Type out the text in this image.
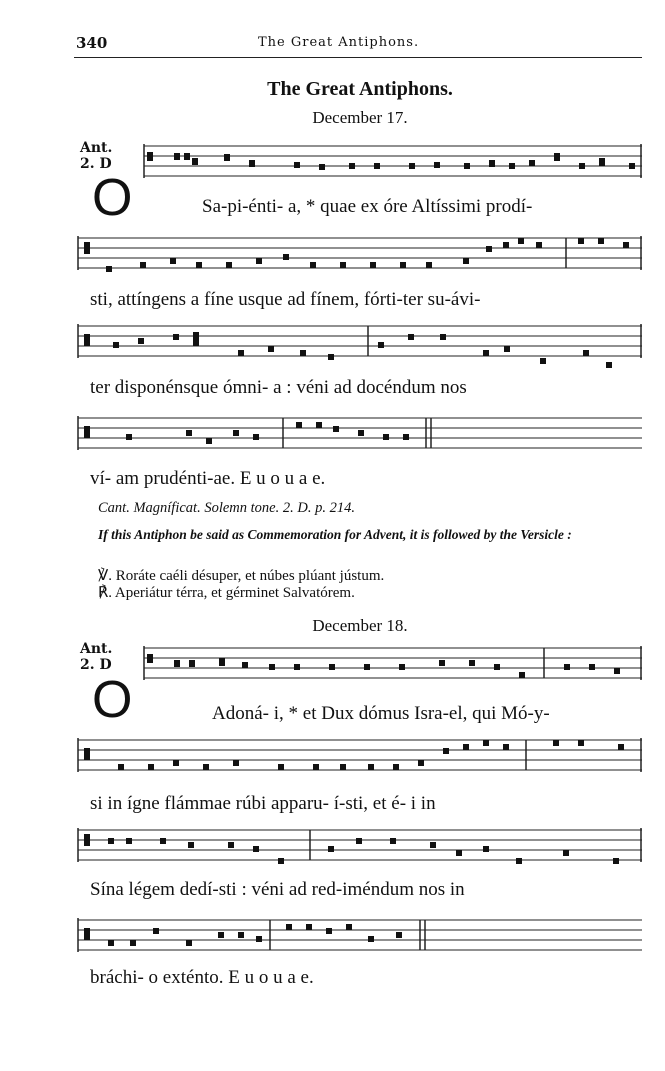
340	The Great Antiphons.
The Great Antiphons.
December 17.
Ant.
2. D
O	Sa-pi-énti- a, * quae ex óre Altíssimi prodí-
sti, attíngens a fíne usque ad fínem, fórti-ter su-ávi-
ter disponénsque ómni- a : véni ad docéndum nos
ví- am prudénti-ae. E u o u a e.
Cant. Magníficat. Solemn tone. 2. D. p. 214.
If this Antiphon be said as Commemoration for Advent, it is followed by the Versicle :
℣. Roráte caéli désuper, et núbes plúant jústum.
℟. Aperiátur térra, et gérminet Salvatórem.
December 18.
Ant.
2. D
O	Adoná- i, * et Dux dómus Isra-el, qui Mó-y-
si in ígne flámmae rúbi apparu- í-sti, et é- i in
Sína légem dedí-sti : véni ad red-iméndum nos in
bráchi- o exténto. E u o u a e.
